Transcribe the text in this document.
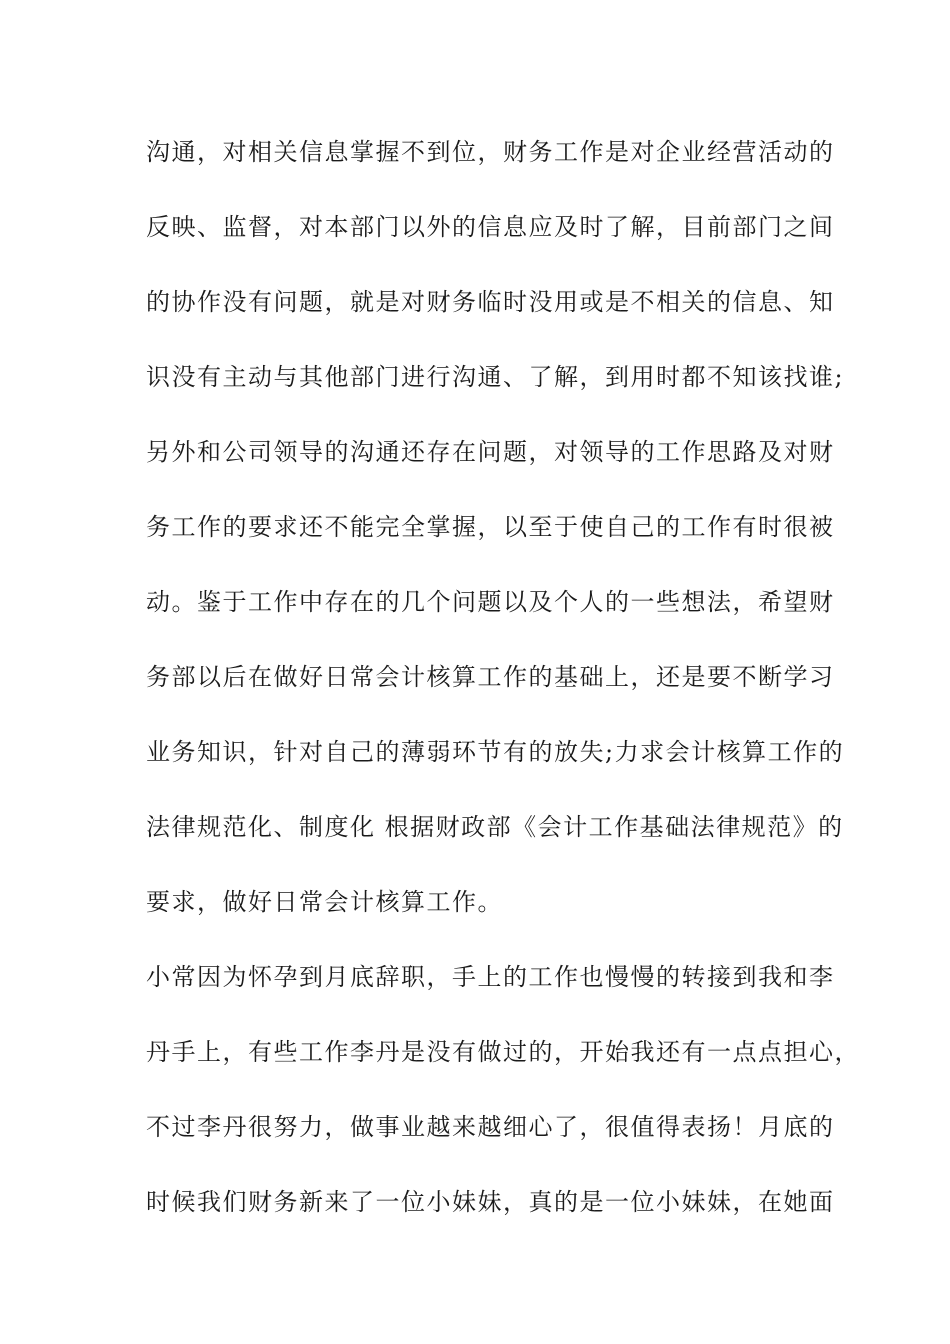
沟通，对相关信息掌握不到位，财务工作是对企业经营活动的
反映、监督，对本部门以外的信息应及时了解，目前部门之间
的协作没有问题，就是对财务临时没用或是不相关的信息、知
识没有主动与其他部门进行沟通、了解，到用时都不知该找谁;
另外和公司领导的沟通还存在问题，对领导的工作思路及对财
务工作的要求还不能完全掌握，以至于使自己的工作有时很被
动。鉴于工作中存在的几个问题以及个人的一些想法，希望财
务部以后在做好日常会计核算工作的基础上，还是要不断学习
业务知识，针对自己的薄弱环节有的放失;力求会计核算工作的
法律规范化、制度化 根据财政部《会计工作基础法律规范》的
要求，做好日常会计核算工作。
小常因为怀孕到月底辞职，手上的工作也慢慢的转接到我和李
丹手上，有些工作李丹是没有做过的，开始我还有一点点担心，
不过李丹很努力，做事业越来越细心了，很值得表扬！月底的
时候我们财务新来了一位小妹妹，真的是一位小妹妹，在她面
